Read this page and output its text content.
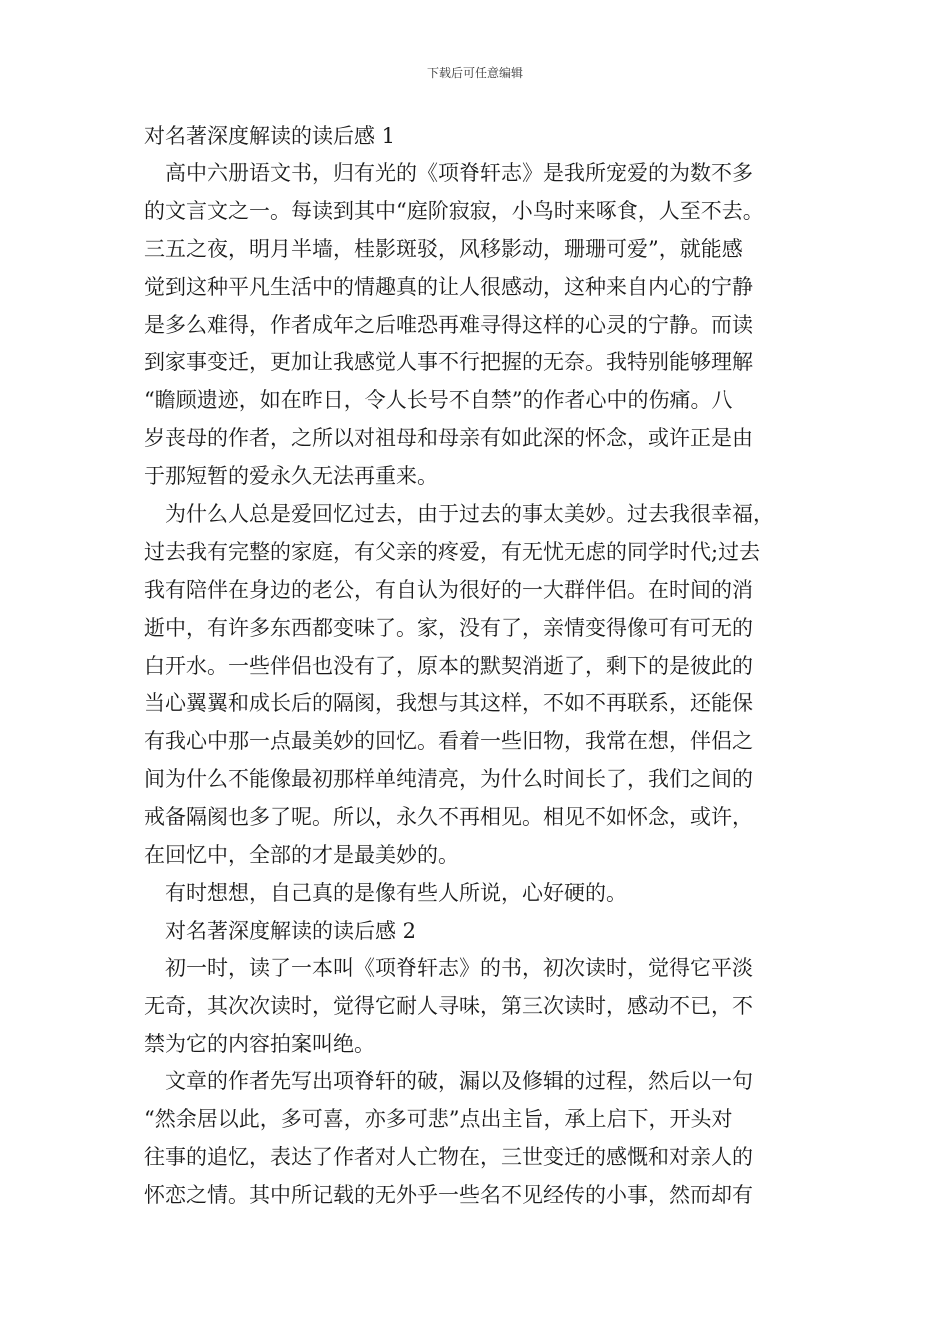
下载后可任意编辑
对名著深度解读的读后感 1
高中六册语文书，归有光的《项脊轩志》是我所宠爱的为数不多
的文言文之一。每读到其中“庭阶寂寂，小鸟时来啄食，人至不去。
三五之夜，明月半墙，桂影斑驳，风移影动，珊珊可爱”，就能感
觉到这种平凡生活中的情趣真的让人很感动，这种来自内心的宁静
是多么难得，作者成年之后唯恐再难寻得这样的心灵的宁静。而读
到家事变迁，更加让我感觉人事不行把握的无奈。我特别能够理解
“瞻顾遗迹，如在昨日，令人长号不自禁”的作者心中的伤痛。八
岁丧母的作者，之所以对祖母和母亲有如此深的怀念，或许正是由
于那短暂的爱永久无法再重来。
为什么人总是爱回忆过去，由于过去的事太美妙。过去我很幸福，
过去我有完整的家庭，有父亲的疼爱，有无忧无虑的同学时代;过去
我有陪伴在身边的老公，有自认为很好的一大群伴侣。在时间的消
逝中，有许多东西都变味了。家，没有了，亲情变得像可有可无的
白开水。一些伴侣也没有了，原本的默契消逝了，剩下的是彼此的
当心翼翼和成长后的隔阂，我想与其这样，不如不再联系，还能保
有我心中那一点最美妙的回忆。看着一些旧物，我常在想，伴侣之
间为什么不能像最初那样单纯清亮，为什么时间长了，我们之间的
戒备隔阂也多了呢。所以，永久不再相见。相见不如怀念，或许，
在回忆中，全部的才是最美妙的。
有时想想，自己真的是像有些人所说，心好硬的。
对名著深度解读的读后感 2
初一时，读了一本叫《项脊轩志》的书，初次读时，觉得它平淡
无奇，其次次读时，觉得它耐人寻味，第三次读时，感动不已，不
禁为它的内容拍案叫绝。
文章的作者先写出项脊轩的破，漏以及修辑的过程，然后以一句
“然余居以此，多可喜，亦多可悲”点出主旨，承上启下，开头对
往事的追忆，表达了作者对人亡物在，三世变迁的感慨和对亲人的
怀恋之情。其中所记载的无外乎一些名不见经传的小事，然而却有
